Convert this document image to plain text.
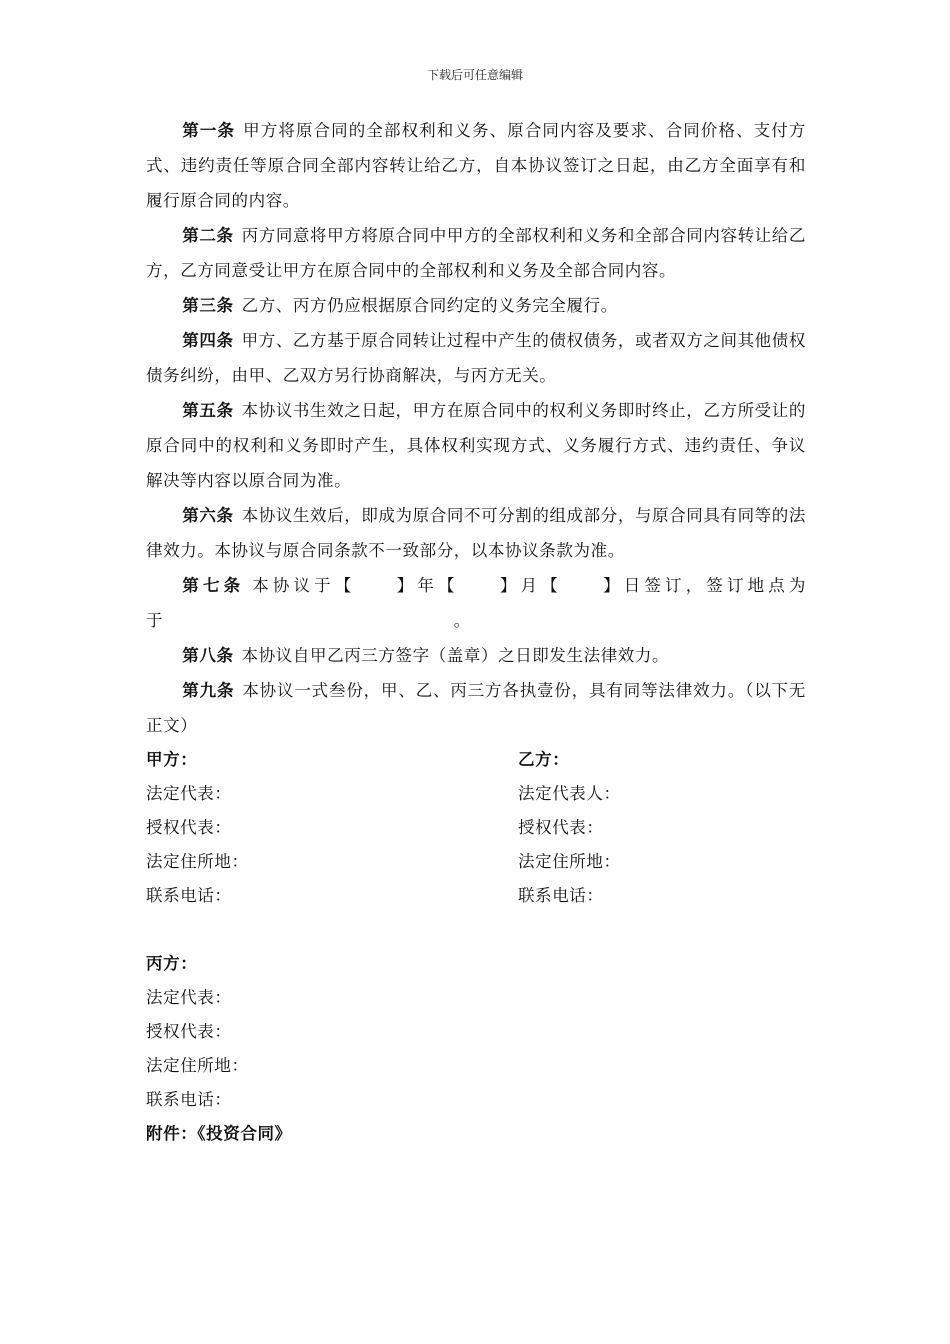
下载后可任意编辑

第一条 甲方将原合同的全部权利和义务、原合同内容及要求、合同价格、支付方式、违约责任等原合同全部内容转让给乙方，自本协议签订之日起，由乙方全面享有和履行原合同的内容。

第二条 丙方同意将甲方将原合同中甲方的全部权利和义务和全部合同内容转让给乙方，乙方同意受让甲方在原合同中的全部权利和义务及全部合同内容。

第三条 乙方、丙方仍应根据原合同约定的义务完全履行。

第四条 甲方、乙方基于原合同转让过程中产生的债权债务，或者双方之间其他债权债务纠纷，由甲、乙双方另行协商解决，与丙方无关。

第五条 本协议书生效之日起，甲方在原合同中的权利义务即时终止，乙方所受让的原合同中的权利和义务即时产生，具体权利实现方式、义务履行方式、违约责任、争议解决等内容以原合同为准。

第六条 本协议生效后，即成为原合同不可分割的组成部分，与原合同具有同等的法律效力。本协议与原合同条款不一致部分，以本协议条款为准。

第七条 本协议于【　　】年【　　】月【　　】日签订，签订地点为于　　　　　　　　　　　　　　　　　。

第八条 本协议自甲乙丙三方签字（盖章）之日即发生法律效力。

第九条 本协议一式叁份，甲、乙、丙三方各执壹份，具有同等法律效力。（以下无正文）

甲方：

法定代表：

授权代表：

法定住所地：

联系电话：

乙方：

法定代表人：

授权代表：

法定住所地：

联系电话：

丙方：

法定代表：

授权代表：

法定住所地：

联系电话：

附件：《投资合同》
